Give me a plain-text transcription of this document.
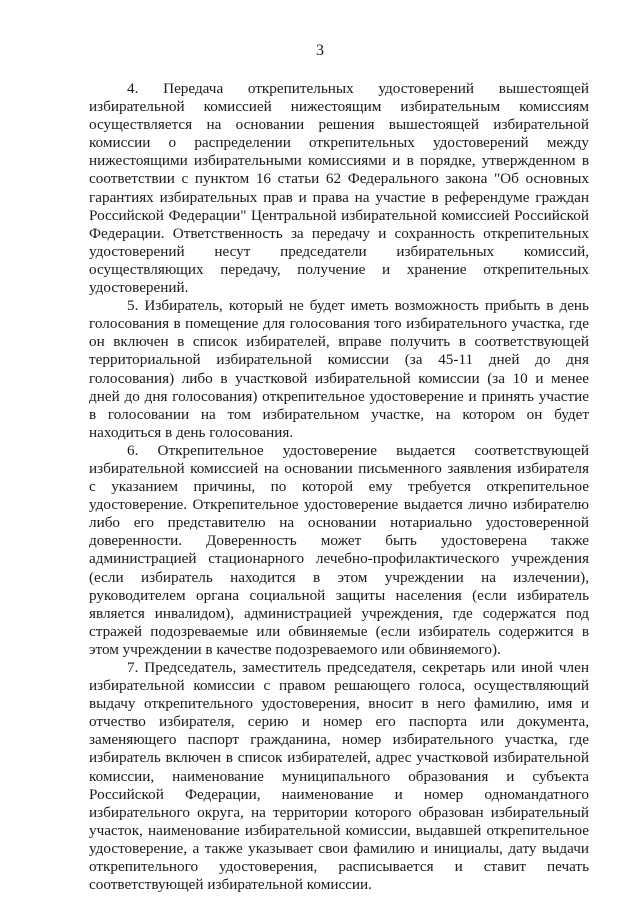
3

4. Передача открепительных удостоверений вышестоящей избирательной комиссией нижестоящим избирательным комиссиям осуществляется на основании решения вышестоящей избирательной комиссии о распределении открепительных удостоверений между нижестоящими избирательными комиссиями и в порядке, утвержденном в соответствии с пунктом 16 статьи 62 Федерального закона "Об основных гарантиях избирательных прав и права на участие в референдуме граждан Российской Федерации" Центральной избирательной комиссией Российской Федерации. Ответственность за передачу и сохранность открепительных удостоверений несут председатели избирательных комиссий, осуществляющих передачу, получение и хранение открепительных удостоверений.

5. Избиратель, который не будет иметь возможность прибыть в день голосования в помещение для голосования того избирательного участка, где он включен в список избирателей, вправе получить в соответствующей территориальной избирательной комиссии (за 45-11 дней до дня голосования) либо в участковой избирательной комиссии (за 10 и менее дней до дня голосования) открепительное удостоверение и принять участие в голосовании на том избирательном участке, на котором он будет находиться в день голосования.

6. Открепительное удостоверение выдается соответствующей избирательной комиссией на основании письменного заявления избирателя с указанием причины, по которой ему требуется открепительное удостоверение. Открепительное удостоверение выдается лично избирателю либо его представителю на основании нотариально удостоверенной доверенности. Доверенность может быть удостоверена также администрацией стационарного лечебно-профилактического учреждения (если избиратель находится в этом учреждении на излечении), руководителем органа социальной защиты населения (если избиратель является инвалидом), администрацией учреждения, где содержатся под стражей подозреваемые или обвиняемые (если избиратель содержится в этом учреждении в качестве подозреваемого или обвиняемого).

7. Председатель, заместитель председателя, секретарь или иной член избирательной комиссии с правом решающего голоса, осуществляющий выдачу открепительного удостоверения, вносит в него фамилию, имя и отчество избирателя, серию и номер его паспорта или документа, заменяющего паспорт гражданина, номер избирательного участка, где избиратель включен в список избирателей, адрес участковой избирательной комиссии, наименование муниципального образования и субъекта Российской Федерации, наименование и номер одномандатного избирательного округа, на территории которого образован избирательный участок, наименование избирательной комиссии, выдавшей открепительное удостоверение, а также указывает свои фамилию и инициалы, дату выдачи открепительного удостоверения, расписывается и ставит печать соответствующей избирательной комиссии.
